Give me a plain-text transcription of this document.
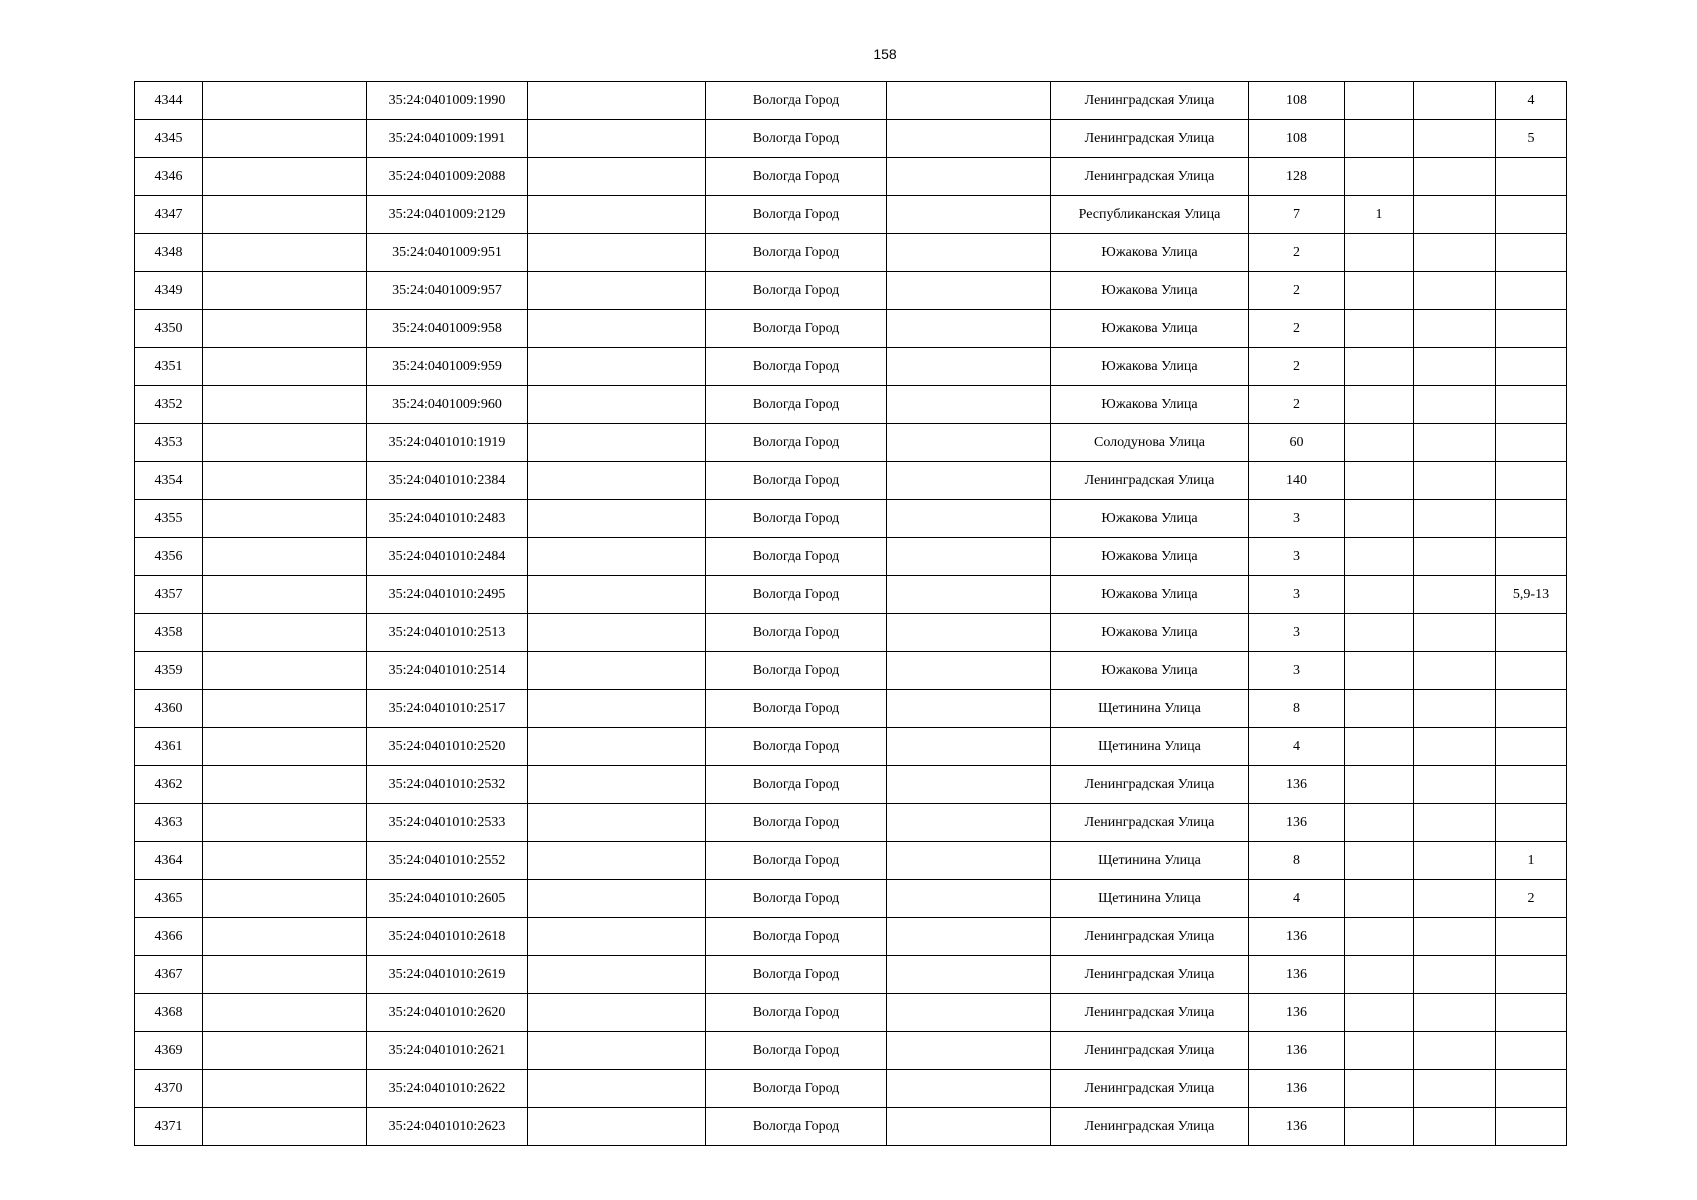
158
4344		35:24:0401009:1990		Вологда Город		Ленинградская Улица	108			4
4345		35:24:0401009:1991		Вологда Город		Ленинградская Улица	108			5
4346		35:24:0401009:2088		Вологда Город		Ленинградская Улица	128			
4347		35:24:0401009:2129		Вологда Город		Республиканская Улица	7	1		
4348		35:24:0401009:951		Вологда Город		Южакова Улица	2			
4349		35:24:0401009:957		Вологда Город		Южакова Улица	2			
4350		35:24:0401009:958		Вологда Город		Южакова Улица	2			
4351		35:24:0401009:959		Вологда Город		Южакова Улица	2			
4352		35:24:0401009:960		Вологда Город		Южакова Улица	2			
4353		35:24:0401010:1919		Вологда Город		Солодунова Улица	60			
4354		35:24:0401010:2384		Вологда Город		Ленинградская Улица	140			
4355		35:24:0401010:2483		Вологда Город		Южакова Улица	3			
4356		35:24:0401010:2484		Вологда Город		Южакова Улица	3			
4357		35:24:0401010:2495		Вологда Город		Южакова Улица	3			5,9-13
4358		35:24:0401010:2513		Вологда Город		Южакова Улица	3			
4359		35:24:0401010:2514		Вологда Город		Южакова Улица	3			
4360		35:24:0401010:2517		Вологда Город		Щетинина Улица	8			
4361		35:24:0401010:2520		Вологда Город		Щетинина Улица	4			
4362		35:24:0401010:2532		Вологда Город		Ленинградская Улица	136			
4363		35:24:0401010:2533		Вологда Город		Ленинградская Улица	136			
4364		35:24:0401010:2552		Вологда Город		Щетинина Улица	8			1
4365		35:24:0401010:2605		Вологда Город		Щетинина Улица	4			2
4366		35:24:0401010:2618		Вологда Город		Ленинградская Улица	136			
4367		35:24:0401010:2619		Вологда Город		Ленинградская Улица	136			
4368		35:24:0401010:2620		Вологда Город		Ленинградская Улица	136			
4369		35:24:0401010:2621		Вологда Город		Ленинградская Улица	136			
4370		35:24:0401010:2622		Вологда Город		Ленинградская Улица	136			
4371		35:24:0401010:2623		Вологда Город		Ленинградская Улица	136			
